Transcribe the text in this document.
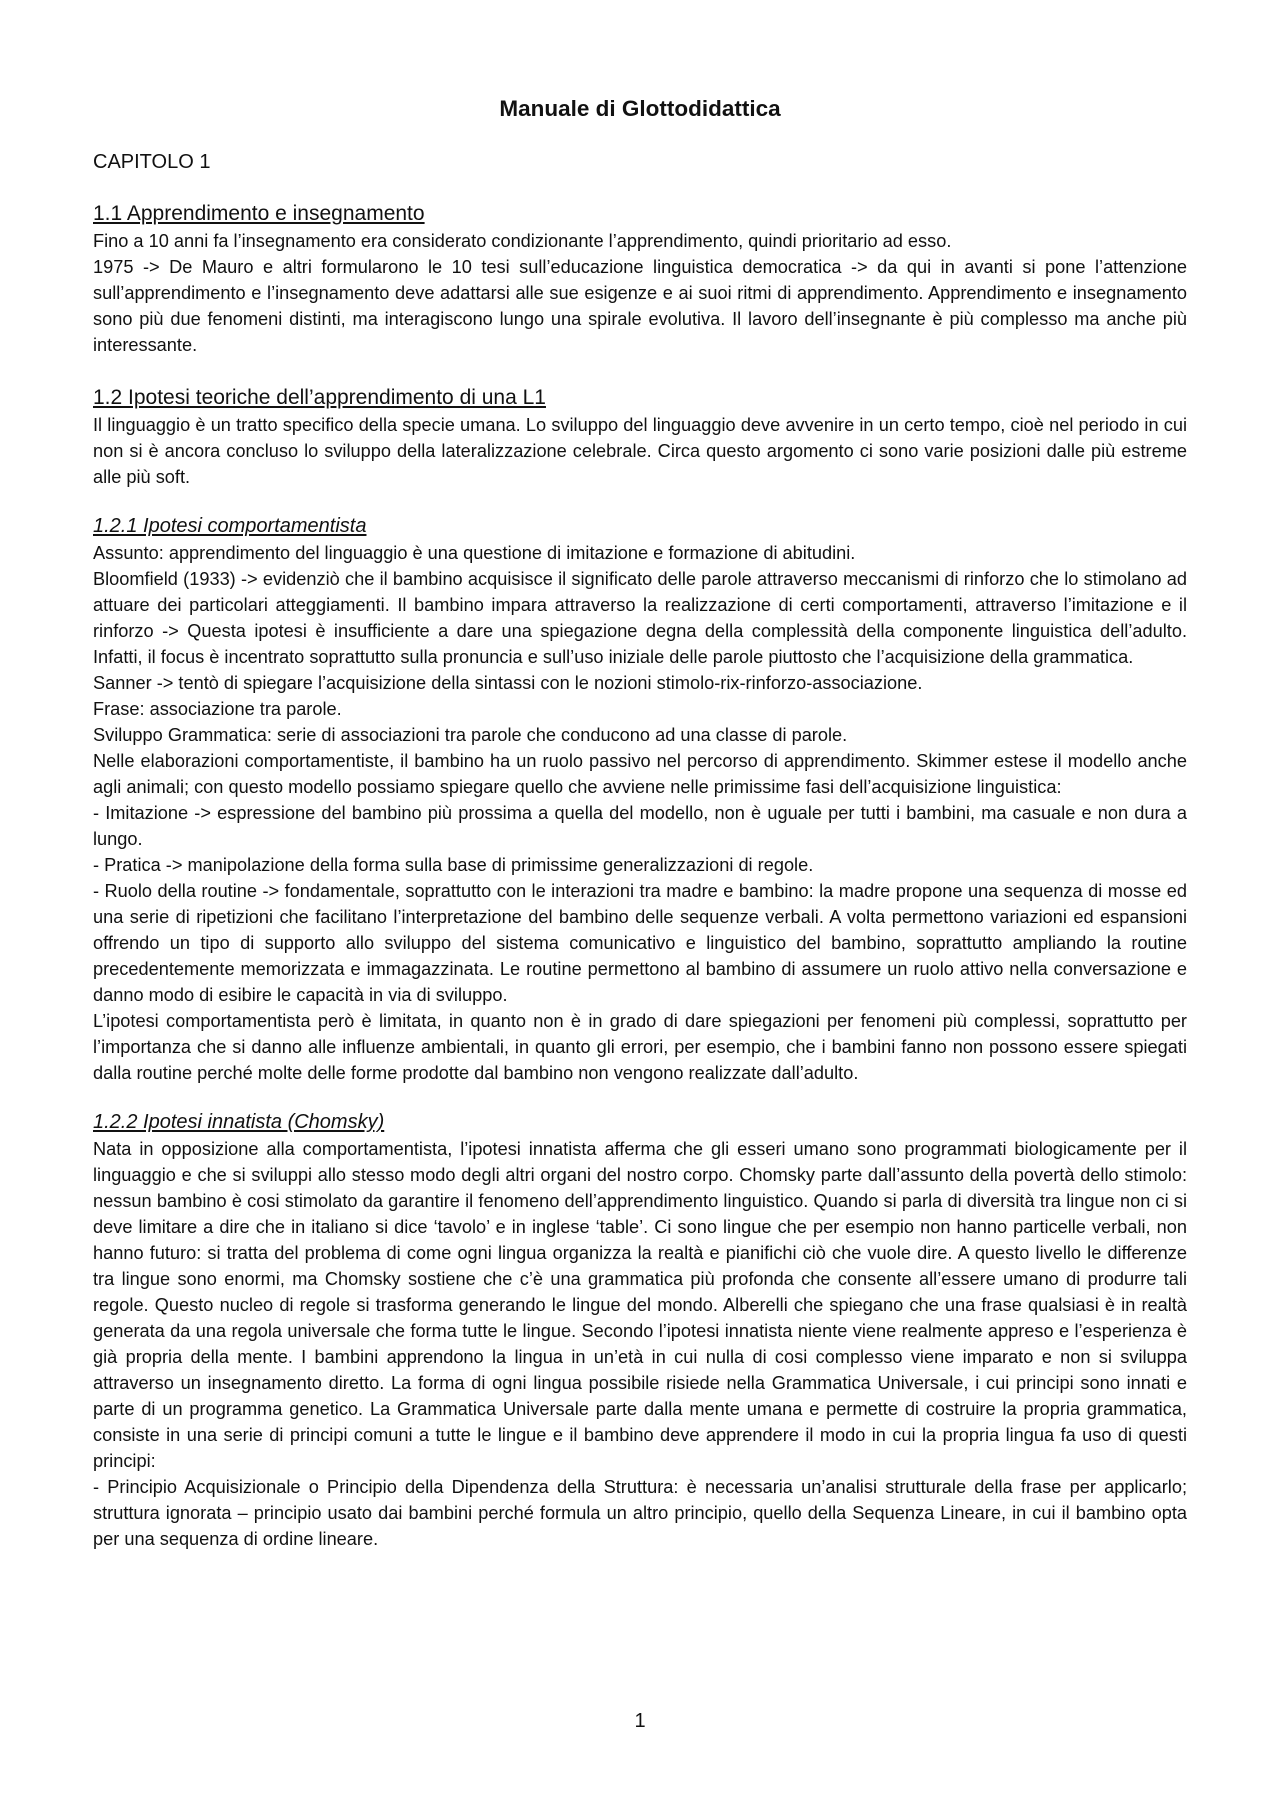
Manuale di Glottodidattica
CAPITOLO 1
1.1 Apprendimento e insegnamento

Fino a 10 anni fa l’insegnamento era considerato condizionante l’apprendimento, quindi prioritario ad esso.

1975 -> De Mauro e altri formularono le 10 tesi sull’educazione linguistica democratica -> da qui in avanti si pone l’attenzione sull’apprendimento e l’insegnamento deve adattarsi alle sue esigenze e ai suoi ritmi di apprendimento. Apprendimento e insegnamento sono più due fenomeni distinti, ma interagiscono lungo una spirale evolutiva. Il lavoro dell’insegnante è più complesso ma anche più interessante.

1.2 Ipotesi teoriche dell’apprendimento di una L1

Il linguaggio è un tratto specifico della specie umana. Lo sviluppo del linguaggio deve avvenire in un certo tempo, cioè nel periodo in cui non si è ancora concluso lo sviluppo della lateralizzazione celebrale. Circa questo argomento ci sono varie posizioni dalle più estreme alle più soft.

1.2.1 Ipotesi comportamentista

Assunto: apprendimento del linguaggio è una questione di imitazione e formazione di abitudini.

Bloomfield (1933) -> evidenziò che il bambino acquisisce il significato delle parole attraverso meccanismi di rinforzo che lo stimolano ad attuare dei particolari atteggiamenti. Il bambino impara attraverso la realizzazione di certi comportamenti, attraverso l’imitazione e il rinforzo -> Questa ipotesi è insufficiente a dare una spiegazione degna della complessità della componente linguistica dell’adulto. Infatti, il focus è incentrato soprattutto sulla pronuncia e sull’uso iniziale delle parole piuttosto che l’acquisizione della grammatica.

Sanner -> tentò di spiegare l’acquisizione della sintassi con le nozioni stimolo-rix-rinforzo-associazione.

Frase: associazione tra parole.

Sviluppo Grammatica: serie di associazioni tra parole che conducono ad una classe di parole.

Nelle elaborazioni comportamentiste, il bambino ha un ruolo passivo nel percorso di apprendimento. Skimmer estese il modello anche agli animali; con questo modello possiamo spiegare quello che avviene nelle primissime fasi dell’acquisizione linguistica:

- Imitazione -> espressione del bambino più prossima a quella del modello, non è uguale per tutti i bambini, ma casuale e non dura a lungo.

- Pratica -> manipolazione della forma sulla base di primissime generalizzazioni di regole.

- Ruolo della routine -> fondamentale, soprattutto con le interazioni tra madre e bambino: la madre propone una sequenza di mosse ed una serie di ripetizioni che facilitano l’interpretazione del bambino delle sequenze verbali. A volta permettono variazioni ed espansioni offrendo un tipo di supporto allo sviluppo del sistema comunicativo e linguistico del bambino, soprattutto ampliando la routine precedentemente memorizzata e immagazzinata. Le routine permettono al bambino di assumere un ruolo attivo nella conversazione e danno modo di esibire le capacità in via di sviluppo.

L’ipotesi comportamentista però è limitata, in quanto non è in grado di dare spiegazioni per fenomeni più complessi, soprattutto per l’importanza che si danno alle influenze ambientali, in quanto gli errori, per esempio, che i bambini fanno non possono essere spiegati dalla routine perché molte delle forme prodotte dal bambino non vengono realizzate dall’adulto.

1.2.2 Ipotesi innatista (Chomsky)

Nata in opposizione alla comportamentista, l’ipotesi innatista afferma che gli esseri umano sono programmati biologicamente per il linguaggio e che si sviluppi allo stesso modo degli altri organi del nostro corpo. Chomsky parte dall’assunto della povertà dello stimolo: nessun bambino è cosi stimolato da garantire il fenomeno dell’apprendimento linguistico. Quando si parla di diversità tra lingue non ci si deve limitare a dire che in italiano si dice ‘tavolo’ e in inglese ‘table’. Ci sono lingue che per esempio non hanno particelle verbali, non hanno futuro: si tratta del problema di come ogni lingua organizza la realtà e pianifichi ciò che vuole dire. A questo livello le differenze tra lingue sono enormi, ma Chomsky sostiene che c’è una grammatica più profonda che consente all’essere umano di produrre tali regole. Questo nucleo di regole si trasforma generando le lingue del mondo. Alberelli che spiegano che una frase qualsiasi è in realtà generata da una regola universale che forma tutte le lingue. Secondo l’ipotesi innatista niente viene realmente appreso e l’esperienza è già propria della mente. I bambini apprendono la lingua in un’età in cui nulla di cosi complesso viene imparato e non si sviluppa attraverso un insegnamento diretto. La forma di ogni lingua possibile risiede nella Grammatica Universale, i cui principi sono innati e parte di un programma genetico. La Grammatica Universale parte dalla mente umana e permette di costruire la propria grammatica, consiste in una serie di principi comuni a tutte le lingue e il bambino deve apprendere il modo in cui la propria lingua fa uso di questi principi:

- Principio Acquisizionale o Principio della Dipendenza della Struttura: è necessaria un’analisi strutturale della frase per applicarlo; struttura ignorata – principio usato dai bambini perché formula un altro principio, quello della Sequenza Lineare, in cui il bambino opta per una sequenza di ordine lineare.

1
